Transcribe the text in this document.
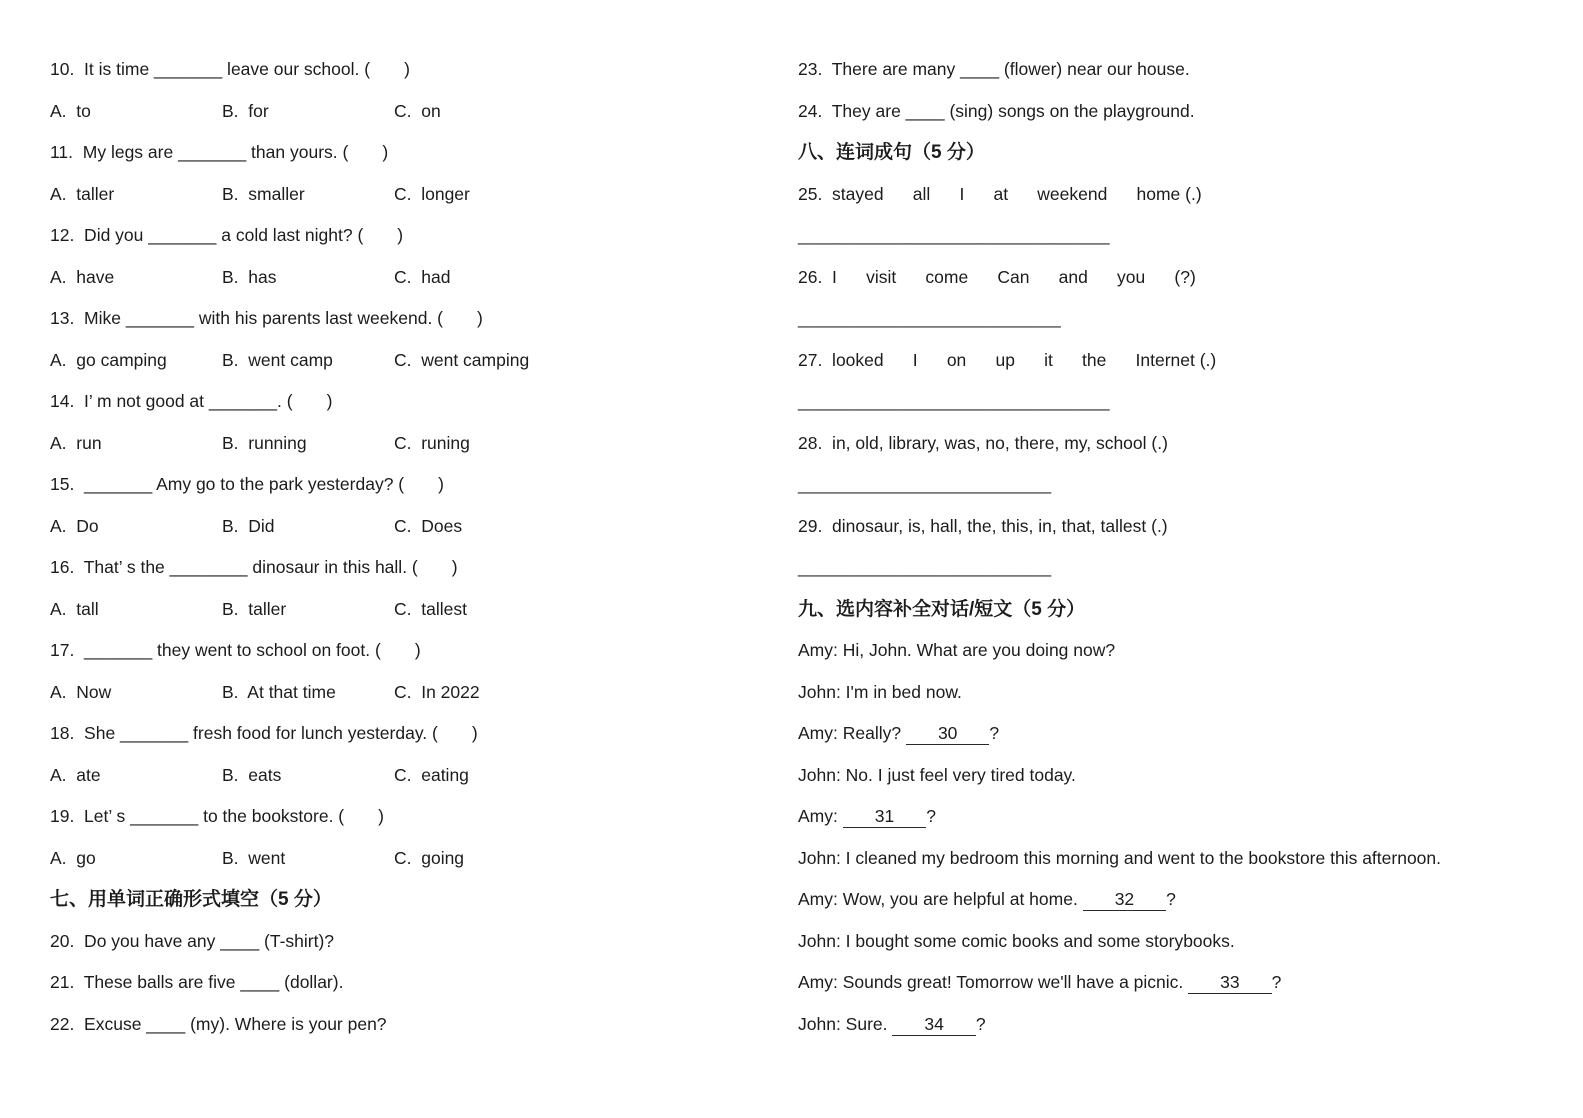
10.  It is time _______ leave our school. (       )

A.  to

	B.  for

	C.  on

11.  My legs are _______ than yours. (       )

A.  taller

	B.  smaller

	C.  longer

12.  Did you _______ a cold last night? (       )

A.  have

	B.  has

	C.  had

13.  Mike _______ with his parents last weekend. (       )

A.  go camping

	B.  went camp

	C.  went camping

14.  I’ m not good at _______. (       )

A.  run

	B.  running

	C.  runing

15.  _______ Amy go to the park yesterday? (       )

A.  Do

	B.  Did

	C.  Does

16.  That’ s the ________ dinosaur in this hall. (       )

A.  tall

	B.  taller

	C.  tallest

17.  _______ they went to school on foot. (       )

A.  Now

	B.  At that time

	C.  In 2022

18.  She _______ fresh food for lunch yesterday. (       )

A.  ate

	B.  eats

	C.  eating

19.  Let’ s _______ to the bookstore. (       )

A.  go

	B.  went

	C.  going

七、用单词正确形式填空（5 分）
20.  Do you have any ____ (T-shirt)?
21.  These balls are five ____ (dollar).
22.  Excuse ____ (my). Where is your pen?
23.  There are many ____ (flower) near our house.
24.  They are ____ (sing) songs on the playground.
八、连词成句（5 分）
25.  stayed      all      I      at      weekend      home (.)
________________________________
26.  I      visit      come      Can      and      you      (?)
___________________________
27.  looked      I      on      up      it      the      Internet (.)
________________________________
28.  in, old, library, was, no, there, my, school (.)
__________________________
29.  dinosaur, is, hall, the, this, in, that, tallest (.)
__________________________
九、选内容补全对话/短文（5 分）
Amy: Hi, John. What are you doing now?
John: I'm in bed now.
Amy: Really? 30 ?
John: No. I just feel very tired today.
Amy: 31 ?
John: I cleaned my bedroom this morning and went to the bookstore this afternoon.
Amy: Wow, you are helpful at home. 32 ?
John: I bought some comic books and some storybooks.
Amy: Sounds great! Tomorrow we'll have a picnic. 33 ?
John: Sure. 34 ?
